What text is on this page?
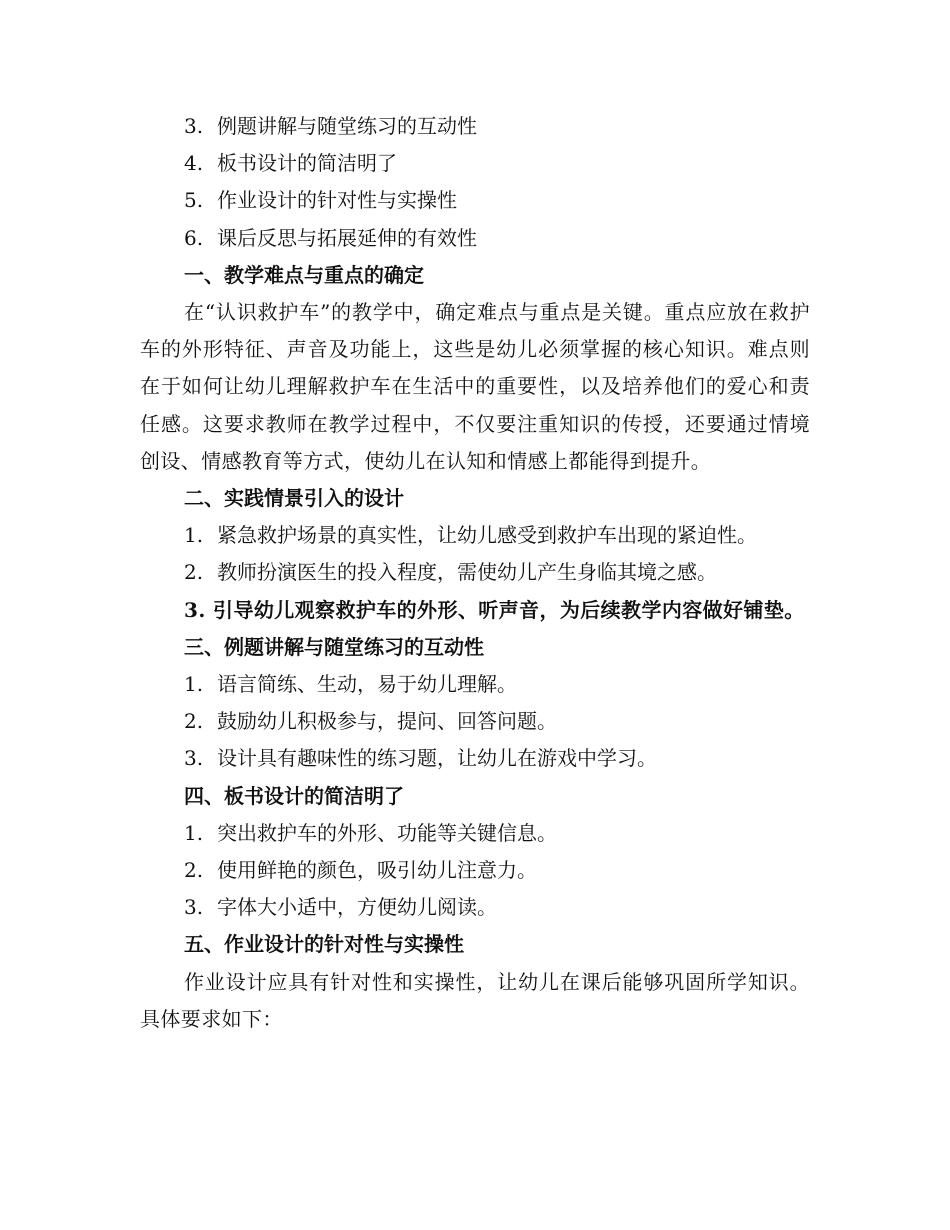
3. 例题讲解与随堂练习的互动性

4. 板书设计的简洁明了

5. 作业设计的针对性与实操性

6. 课后反思与拓展延伸的有效性

一、教学难点与重点的确定

在“认识救护车”的教学中，确定难点与重点是关键。重点应放在救护车的外形特征、声音及功能上，这些是幼儿必须掌握的核心知识。难点则在于如何让幼儿理解救护车在生活中的重要性，以及培养他们的爱心和责任感。这要求教师在教学过程中，不仅要注重知识的传授，还要通过情境创设、情感教育等方式，使幼儿在认知和情感上都能得到提升。

二、实践情景引入的设计

1. 紧急救护场景的真实性，让幼儿感受到救护车出现的紧迫性。

2. 教师扮演医生的投入程度，需使幼儿产生身临其境之感。

3. 引导幼儿观察救护车的外形、听声音，为后续教学内容做好铺垫。

三、例题讲解与随堂练习的互动性

1. 语言简练、生动，易于幼儿理解。

2. 鼓励幼儿积极参与，提问、回答问题。

3. 设计具有趣味性的练习题，让幼儿在游戏中学习。

四、板书设计的简洁明了

1. 突出救护车的外形、功能等关键信息。

2. 使用鲜艳的颜色，吸引幼儿注意力。

3. 字体大小适中，方便幼儿阅读。

五、作业设计的针对性与实操性

作业设计应具有针对性和实操性，让幼儿在课后能够巩固所学知识。具体要求如下：
